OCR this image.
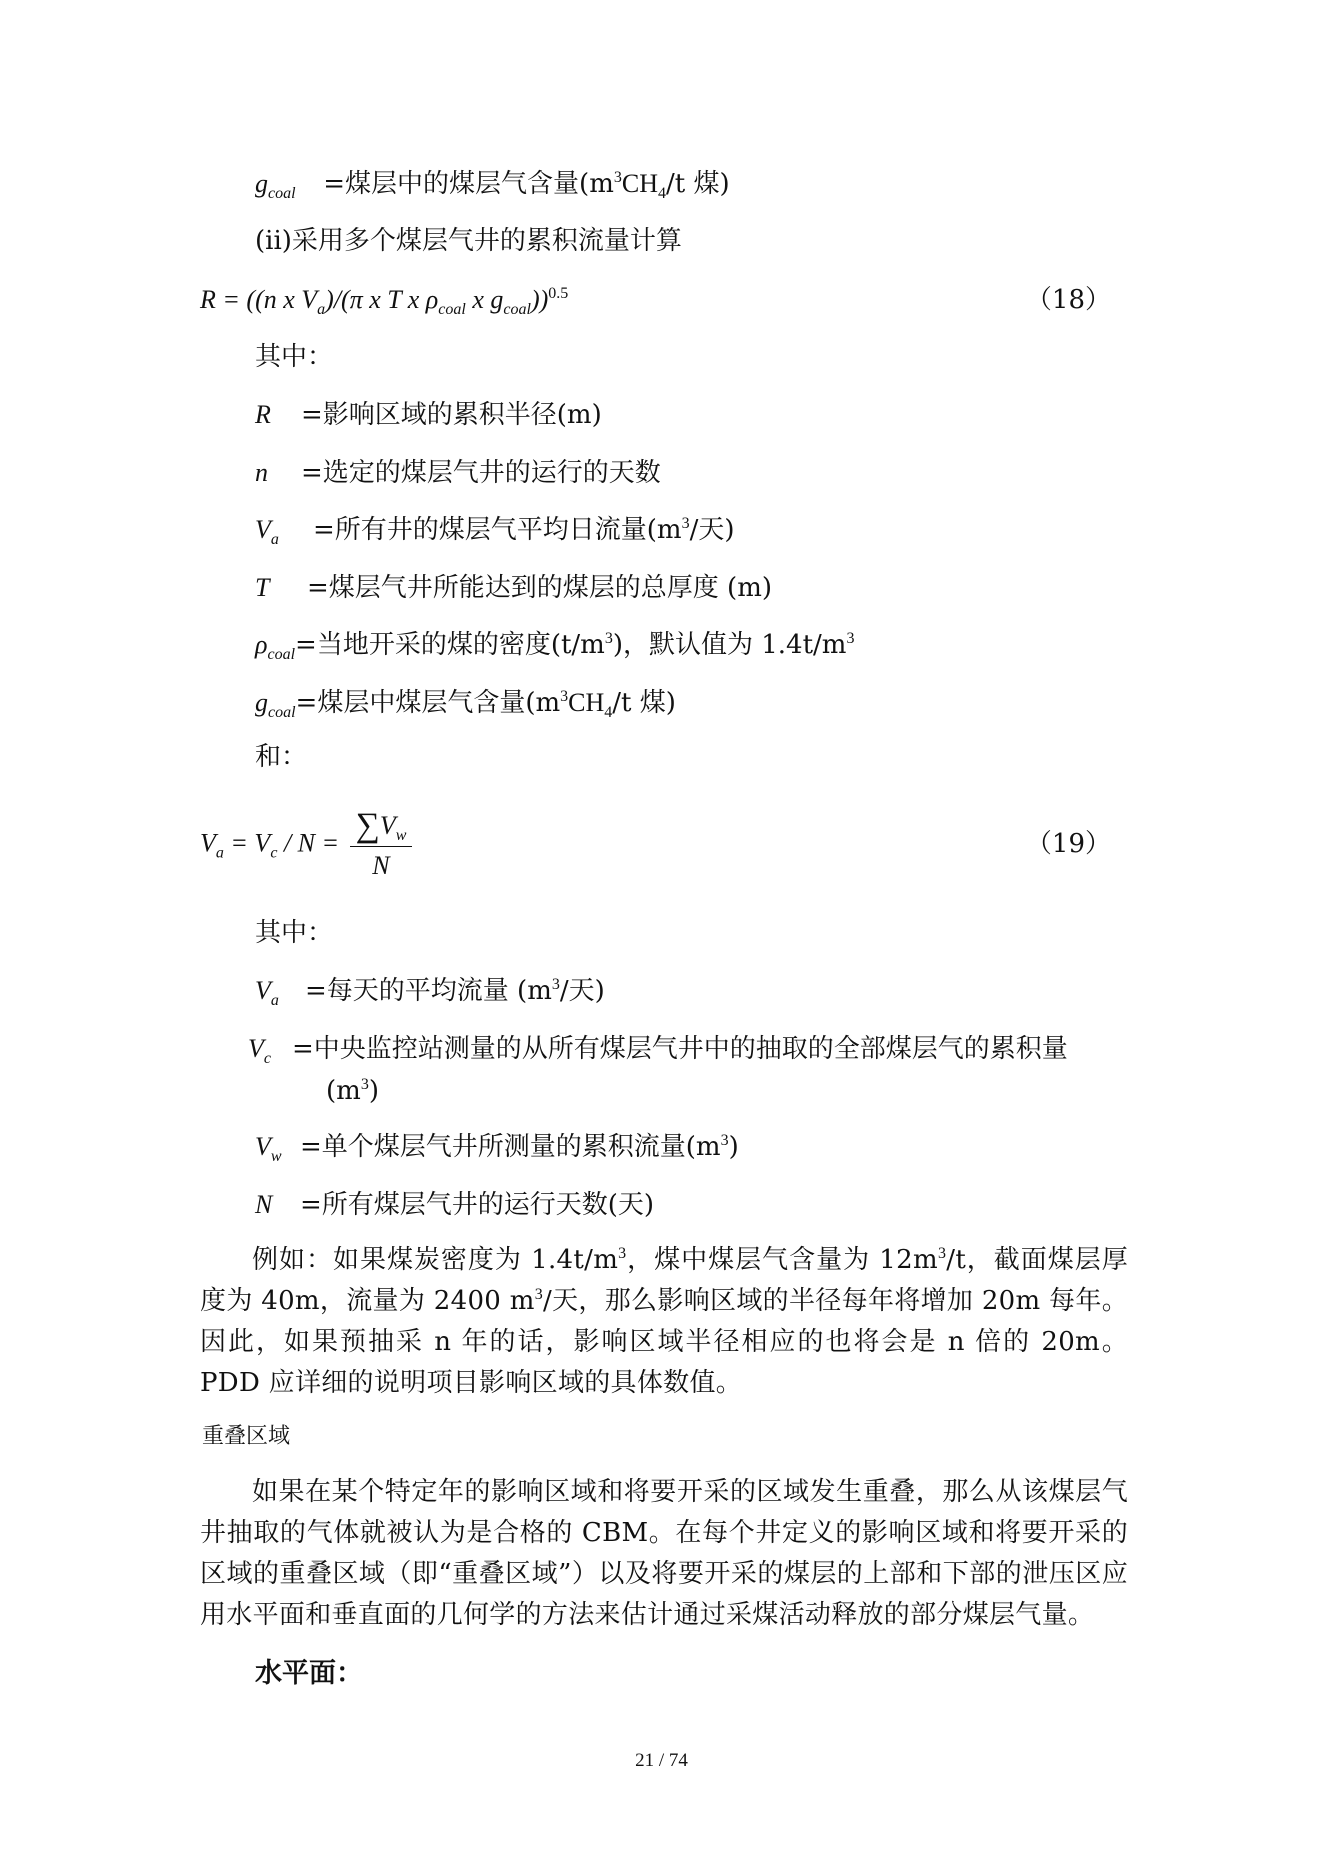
$g_{coal}$ =煤层中的煤层气含量($m^3CH_4/t$ 煤)
(ii)采用多个煤层气井的累积流量计算
R = ((n x $V_a)/(\pi$ x T x $\rho_{coal}$ x $g_{coal}))^{0.5}$	（18）
其中：
R =影响区域的累积半径(m)
n =选定的煤层气井的运行的天数
$V_a$ =所有井的煤层气平均日流量($m^3/$天)
T =煤层气井所能达到的煤层的总厚度 (m)
$\rho_{coal}=$当地开采的煤的密度$(t/m^3)$，默认值为 $1.4t/m^3$
$g_{coal}=$煤层中煤层气含量($m^3CH_4/t$ 煤)
和：
$V_a = V_c / N = \frac{\sum V_w}{N}$	（19）
其中：
$V_a$ =每天的平均流量 ($m^3/$天)
$V_c$ =中央监控站测量的从所有煤层气井中的抽取的全部煤层气的累积量
$(m^3)$
$V_w$ =单个煤层气井所测量的累积流量$(m^3)$
N =所有煤层气井的运行天数(天)
例如：如果煤炭密度为 $1.4t/m^3$，煤中煤层气含量为 $12m^3/t$，截面煤层厚度为 40m，流量为 2400 $m^3/$天，那么影响区域的半径每年将增加 20m 每年。因此，如果预抽采 n 年的话，影响区域半径相应的也将会是 n 倍的 20m。PDD 应详细的说明项目影响区域的具体数值。
重叠区域
如果在某个特定年的影响区域和将要开采的区域发生重叠，那么从该煤层气井抽取的气体就被认为是合格的 CBM。在每个井定义的影响区域和将要开采的区域的重叠区域（即“重叠区域”）以及将要开采的煤层的上部和下部的泄压区应用水平面和垂直面的几何学的方法来估计通过采煤活动释放的部分煤层气量。
水平面：
21 / 74
